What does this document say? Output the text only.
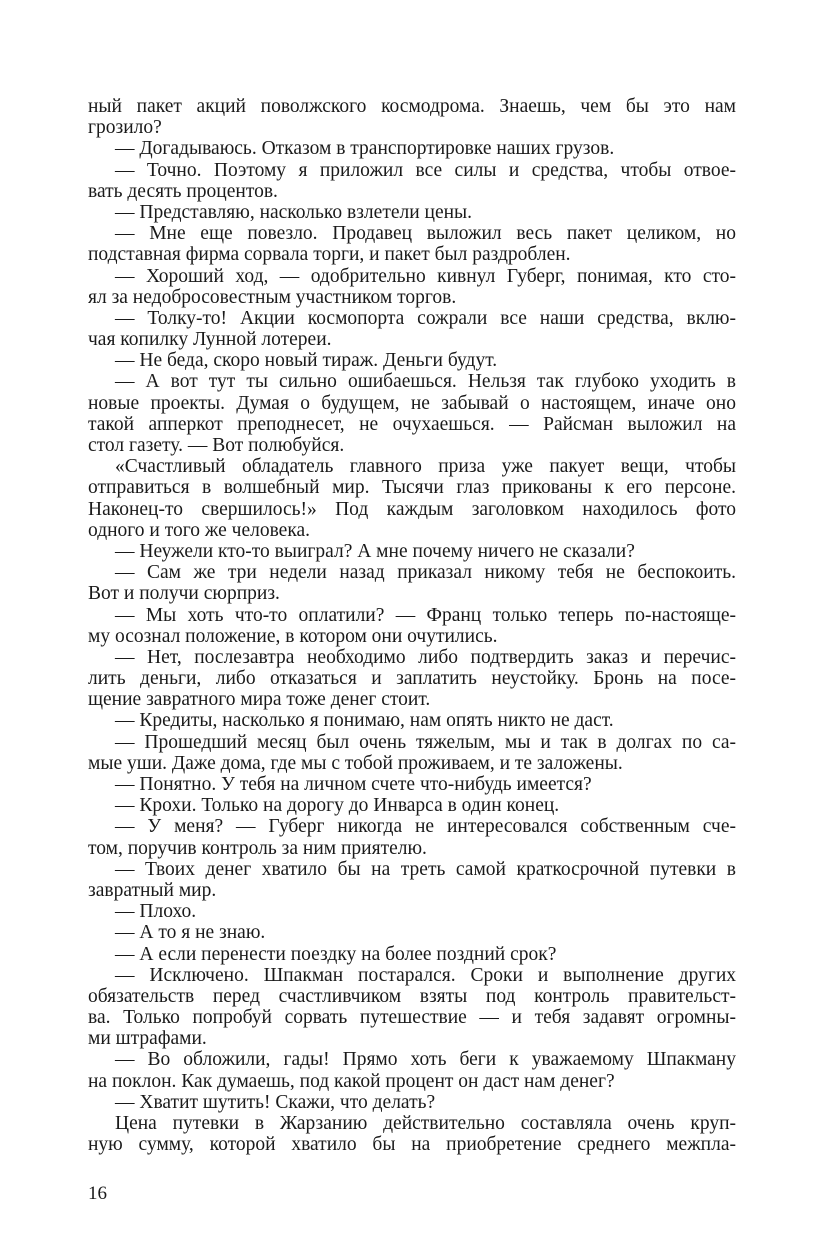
ный пакет акций поволжского космодрома. Знаешь, чем бы это нам
грозило?
— Догадываюсь. Отказом в транспортировке наших грузов.
— Точно. Поэтому я приложил все силы и средства, чтобы отвое-
вать десять процентов.
— Представляю, насколько взлетели цены.
— Мне еще повезло. Продавец выложил весь пакет целиком, но
подставная фирма сорвала торги, и пакет был раздроблен.
— Хороший ход, — одобрительно кивнул Губерг, понимая, кто сто-
ял за недобросовестным участником торгов.
— Толку-то! Акции космопорта сожрали все наши средства, вклю-
чая копилку Лунной лотереи.
— Не беда, скоро новый тираж. Деньги будут.
— А вот тут ты сильно ошибаешься. Нельзя так глубоко уходить в
новые проекты. Думая о будущем, не забывай о настоящем, иначе оно
такой апперкот преподнесет, не очухаешься. — Райсман выложил на
стол газету. — Вот полюбуйся.
«Счастливый обладатель главного приза уже пакует вещи, чтобы
отправиться в волшебный мир. Тысячи глаз прикованы к его персоне.
Наконец-то свершилось!» Под каждым заголовком находилось фото
одного и того же человека.
— Неужели кто-то выиграл? А мне почему ничего не сказали?
— Сам же три недели назад приказал никому тебя не беспокоить.
Вот и получи сюрприз.
— Мы хоть что-то оплатили? — Франц только теперь по-настояще-
му осознал положение, в котором они очутились.
— Нет, послезавтра необходимо либо подтвердить заказ и перечис-
лить деньги, либо отказаться и заплатить неустойку. Бронь на посе-
щение завратного мира тоже денег стоит.
— Кредиты, насколько я понимаю, нам опять никто не даст.
— Прошедший месяц был очень тяжелым, мы и так в долгах по са-
мые уши. Даже дома, где мы с тобой проживаем, и те заложены.
— Понятно. У тебя на личном счете что-нибудь имеется?
— Крохи. Только на дорогу до Инварса в один конец.
— У меня? — Губерг никогда не интересовался собственным сче-
том, поручив контроль за ним приятелю.
— Твоих денег хватило бы на треть самой краткосрочной путевки в
завратный мир.
— Плохо.
— А то я не знаю.
— А если перенести поездку на более поздний срок?
— Исключено. Шпакман постарался. Сроки и выполнение других
обязательств перед счастливчиком взяты под контроль правительст-
ва. Только попробуй сорвать путешествие — и тебя задавят огромны-
ми штрафами.
— Во обложили, гады! Прямо хоть беги к уважаемому Шпакману
на поклон. Как думаешь, под какой процент он даст нам денег?
— Хватит шутить! Скажи, что делать?
Цена путевки в Жарзанию действительно составляла очень круп-
ную сумму, которой хватило бы на приобретение среднего межпла-
16
